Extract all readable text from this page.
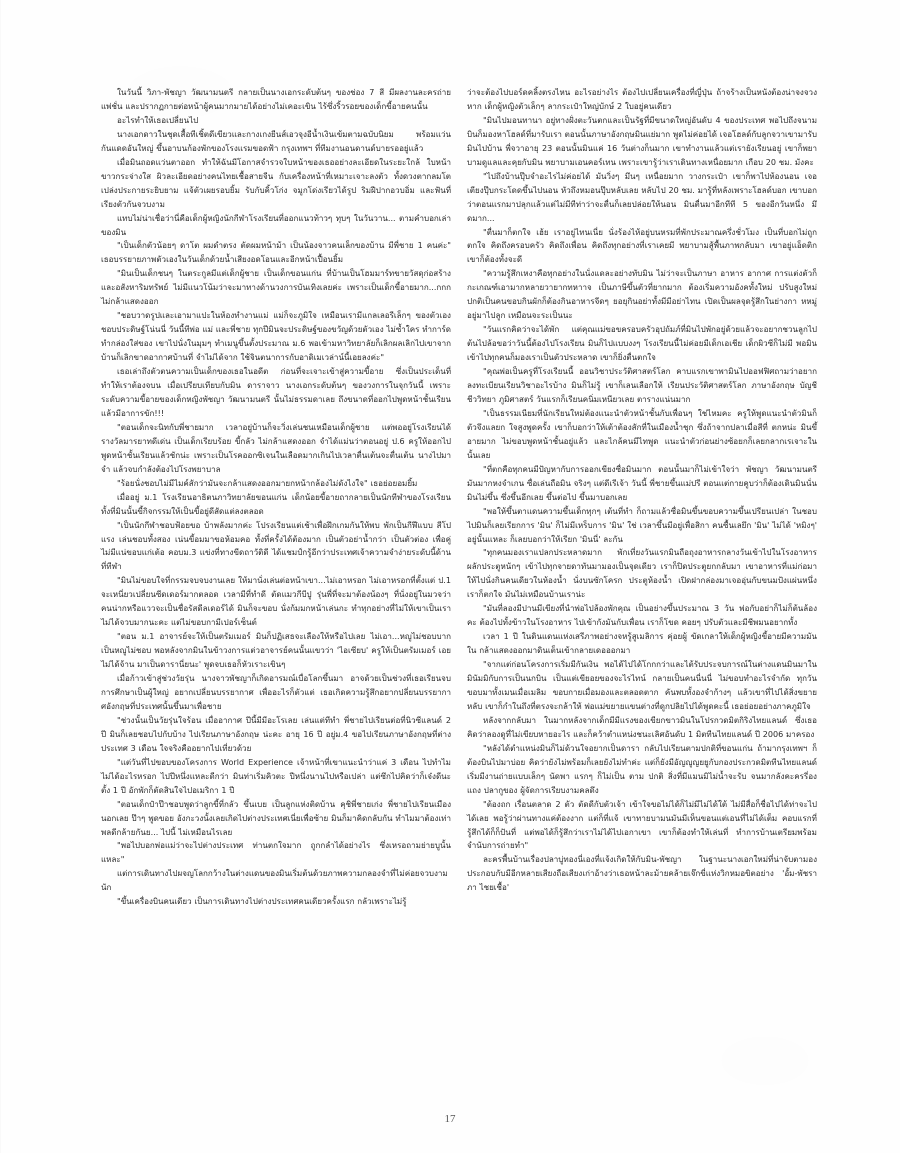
ในวันนี้ วิภา-พัชญา วัฒนามนตรี กลายเป็นนางเอกระดับต้นๆ ของช่อง 7 สี มีผลงานละครถ่ายแพ่ชั่น และปรากฏกายต่อหน้าผู้คนมากมายได้อย่างไม่เคอะเขิน ไร้ซึ่งริ้วรอยของเด็กขี้อายคนนั้น

อะไรทำให้เธอเปลี่ยนไป

นางเอกดาวในชุดเสื้อทีเชิ้ตดีเขียวและกางเกงยีนส์เอวจุงอีน้ำเงินเข้มตามฉบับนิยม พร้อมแว่นกันแดดอันใหญ่ ขึ้นอาบนก้องพักของโรงแรมขอดฟ้า กรุงเทพฯ ที่ทีมงานอนดานด์บายรออยู่แล้ว

เมื่อมินถอดแว่นตาออก ทำให้ฉันมีโอกาสจำรวจใบหน้าของเธออย่างละเอียดในระยะใกล้ ใบหน้าขาวกระจ่างใส ผิวละเอียดอย่างคนไทยเชื้อสายจีน กับเครื่องหน้าที่เหมาะเจาะลงตัว ทั้งดวงตากลมโตเปล่งประกายระยิบยาม แจ้ตัวเผยรอบยิ้ม รับกับคิ้วโก่ง จมูกโด่งเรียวได้รูป ริมฝีปากอวบอิ่ม และฟันที่เรียงตัวกันจวบงาม

แทบไม่น่าเชื่อว่านี่คือเด็กผู้หญิงนักกีฬาโรงเรียนที่ออกแนวท้าวๆ ทุบๆ ในวันวาน... ตามคำบอกเล่าของมิน

"เป็นเด็กตัวน้อยๆ ดาโต ผมดำตรง ตัดผมหน้าม้า เป็นน้องจาวคนเล็กของบ้าน มีพี่ชาย 1 คนค่ะ" เธอบรรยายภาพตัวเองในวันเด็กด้วยน้ำเสียงอดโอนและอีกหน้าเปื้อนยิ้ม

"มินเป็นเด็กชนๆ ในตระกูลมีแต่เด็กผู้ชาย เป็นเด็กขอนแก่น ที่บ้านเป็นโฮมมาร์ทขายวัสดุก่อสร้างและอสังหาริมทรัพย์ ไม่มีแนวโน้มว่าจะมาทางด้านวงการบันเทิงเลยค่ะ เพราะเป็นเด็กขี้อายมาก...กกก ไม่กล้าแสดงออก

"ชอบวาดรูปและเอามาแปะในห้องทำงานแม่ แม่ก็จะภูมิใจ เหมือนเรามีแกลเลอรีเล็กๆ ของตัวเอง ชอบประดิษฐ์โน่นนี่ วันนี้ทีพ่อ แม่ และพี่ชาย ทุกปีมินจะประดิษฐ์ของขวัญด้วยตัวเอง ไม่ซ้ำใคร ทำการ์ด ทำกล่องใส่ของ เขาไปนั่งในมุมๆ ทำเมนูขึ้นตั้งประมาณ ม.6 พอเข้ามหาวิทยาลัยก็เลิกผลเลิกไปเขาจากบ้านก็เลิกขาดอากาศบ้านที่ จำไม่ได้จาก ใช้จินตนาการกับอาดิเมเวล่าน์นี้เอยลงค่ะ"

เธอเล่าถึงตัวตนความเป็นเด็กของเธอในอดีต ก่อนที่จะเจาะเข้าสู่ความขี้อาย ซึ่งเป็นประเด็นที่ทำให้เราต้องจบน เมื่อเปรียบเทียบกับมิน ดาราจาว นางเอกระดับต้นๆ ของวงการในจุกวันนี้ เพราะระดับความขี้อายของเด็กหญิงพัชญา วัฒนามนตรี นั้นไม่ธรรมดาเลย ถึงขนาดที่ออกไปพูดหน้าชั้นเรียนแล้วมีอาการขัก!!!

"ตอนเด็กจะนิทกับพี่ชายมาก เวลาอยู่บ้านก็จะวิ่งเล่นชนเหมือนเด็กผู้ชาย แต่พออยู่โรงเรียนได้รางวัลมารยาทดีเด่น เป็นเด็กเรียบร้อย ขี้กลัว ไม่กล้าแสดงออก จำได้แม่นว่าตอนอยู่ ป.6 ครูให้ออกไปพูดหน้าชั้นเรียนแล้วชักน่ะ เพราะเป็นโรคออกซิเจนในเลือดมากเกินไปเวลาตื่นเต้นจะตื่นเต้น นางไปมาจำ แล้วจบกำลังต้องไปโรงพยาบาล

"ร้อยนั่งชอบไม่มีไมค์สักว่ามันจะกล้าแสดงออกมายกหน้ากล้องไม่ดังไงใจ" เธอย่อยอมยิ้ม

เมื่ออยู่ ม.1 โรงเรียนอาธิตนภาวิทยาลัยขอนแก่น เด็กน้อยขี้อายถากลายเป็นนักทีฬาของโรงเรียน ทั้งที่มินนั้นขี้กิจกรรมให้เป็นขี้อยู่ดีสัดแต่ลงตลอด

"เป็นนักกีฬาชอบฟ้อยขอ บ้าพลังมากค่ะ โปรงเรียนแต่เช้าเพื่อฝึกเกมกันให้พบ พักเป็นกีฬีแบบ สีโปแรง เล่นชอบทั้งสอง เน่นขี้อมมาขอห้อมคอ ทั้งที่ครั้งได้ต้องมาก เป็นตัวอย่าน้ำกว่า เป็นตัวต่อง เพื่อคู่ ไม่มีแน่ขอบแก่เต้อ คอบม.3 แข่งที่ทางขีดถาวัติดี ได้แชมป์กรู้อีกว่าประเทศเจ้าความจำง่ายระดับนี้ด้านที่ทีฬา

"มินไม่ขอบใจที่กรรมจบจบงานเลย ให้มานั่งเล่นต่อหน้าเขา...ไม่เอาหรอก ไม่เอาหรอกที่ตั้งแต่ ป.1 จะเหนี่ยวเปลี่ยนซีดเดอร์มากตลอด เวลามีที่ทำดี ตัดแมวกีบีปู รุ่นพี่ที่จะมาต้องน้องๆ ที่นั่งอยู่ในมวจว่าคนน่ากหรือแววจะเป็นชื่อรัสดีลเดอร์ได้ มินก็จะขอบ นั่งก้มมกหน้าเล่นกะ ทำทุกอย่างที่ไม่ให้เขาเป็นเรา ไม่ได้จวบมากนะคะ แต่ไม่ขอบกามีเปอร์เซ็นต์

"ตอน ม.1 อาจารย์จะให้เป็นตรัมเมอร์ มินก็ปฏิเสธจะเลืองให้หรือไปเลย ไม่เอา...หญูไม่ชอบบากเป็นหญูไม่ชอบ พอหลังจากมินในข้าวงการแต่วอาจารย์คนนั้นแขวว่า 'ไอเซียบ' ครูให้เป็นตรัมเมอร์ เอยไม่ได้จ้าน มาเป็นดารานี่ยนะ' พูดจบเธอก็หัวเราะเขินๆ

เมื่อก้าวเข้าสู่ช่วงวัยรุ่น นางจาวพัชญาก็เกิดอารมณ์เบื่อโลกขึ้นมา อาจด้วยเป็นช่วงที่เธอเรียนจบการศึกษาเป็นผู้ใหญ่ อยากเปลี่ยนบรรยากาศ เพื่ออะไรก็ตัวแต่ เธอเกิดความรู้สึกอยากปลี่ยนบรรยากาศอังกฤษที่ประเทศนั้นขึ้นมาเพื่อชาย

"ช่วงนั้นเป็นวัยรุ่นใจร้อน เมื่ออากาศ ปีนี้มีมีอะโรเลย เล่นแต่ทีทำ พี่ชายไปเรียนต่อที่นิวซีแลนด์ 2 ปี มินก็เลยชอบไปกับบ้าง ไปเรียนภาษาอังกฤษ น่ะคะ อายุ 16 ปี อยู่ม.4 ขอไปเรียนภาษาอังกฤษที่ต่างประเทศ 3 เดือน ใจจริงคืออยากไปเที่ยวด้วย

"แต่วันที่ไปขอบของโครงการ World Experience เจ้าหน้าที่เขาแนะนำว่าแค่ 3 เดือน ไปทำไม ไม่ได้อะไรหรอก ไปปีหนึ่งแหละดีกว่า มินท่าเริ่มคิวตะ ปีหนึ่งนานไปหรือเปล่า แต่ซึกไปคิดว่าก็เจ๋งดีนะ ตั้ง 1 ปี อักพักก็ตัดสินใจไปอเมริกา 1 ปี

"ตอนเด็กป๋าป๊าชอบพูดว่าลูกขี้ที่กลัว ขึ้นเบย เป็นลูกแห่งติดบ้าน คุชิพี่ชายเก่ง พี่ชายไปเรียนเมืองนอกเลย ป๊าๆ พูดขอย อังกะวงนั้งเลยเกิดไปต่างประเทศเนี่ยเพื่อซ้าย มินก็มาคิดกลับกัน ทำไมมาต้องเท่า พลดีกล้ายกันย... ไปนี้ ไม่เหมือนไรเลย

"พอไปบอกพ่อแม่ว่าจะไปต่างประเทศ ท่านตกใจมาก ถูกกลำได้อย่างไร ซึ่งเหรอถามย่ายบูนั้นแหละ"

แต่การเดินทางไปผจญโลกกว้างในต่างแดนของมินเริ่มต้นด้วยภาพความกลองจำที่ไม่ค่อยจวบงามนัก

"ขึ้นเครื่องบินคนเดียว เป็นการเดินทางไปต่างประเทศคนเดียวครั้งแรก กลัวเพราะไม่รู้

ว่าจะต้องไปบอร์ดคลิ้งตรงไหน อะไรอย่างไร ต้องไปเปลี่ยนเครื่องที่ญี่ปุ่น ถ้าจร้างเป็นหนังต้องน่าจงจวงหาก เด็กผู้หญิงตัวเล็กๆ ลากระเป๋าใหญ่บักษ์ 2 ใบอยู่คนเดียว

"มินไปมอนทานา อยู่ทางฝั่งตะวันตกและเป็นรัฐที่มีขนาดใหญ่อันดับ 4 ของประเทศ พอไปถึงจนามบินก็มองหาโฮลด์ที่มารับเรา ตอนนั้นภาษาอังกฤษมินแย่มาก พูดไม่ค่อยได้ เจอโฮลด์กับลูกจวาเขามารับมินไปบ้าน พี่จวาอายุ 23 ตอนนั้นมินแค่ 16 วันต่างก็นมาก เขาทำงานแล้วแต่เรายังเรียนอยู่ เขาก็พยาบามดูแลและคุยกับมิน พยาบามเอนคอร์เทน เพราะเขารู้ว่าเราเดินทางเหนื่อยมาก เกือบ 20 ชม. มังคะ

"ไปถึงบ้านปุ๊บจำอะไรไม่ค่อยได้ มันวิ่งๆ มึนๆ เหนื่อยมาก วางกระเป๋า เขาก็พาไปห้องนอน เจอเตียงปุ๊บกระโดดขึ้นไปนอน หัวถึงหมอนปุ๊บหลับเลย หลับไป 20 ชม. มารู้ที่หลังเพราะโฮลด์บอก เขาบอกว่าตอนแรกมาปลุกแล้วแต่ไม่มีทีท่าว่าจะตื่นก็เลยปล่อยให้นอน มินตื่นมาอีกทีที 5 ของอีกวันหนึ่ง มึดมาก...

"ตื่นมาก็ตกใจ เฮ้ย เราอยู่ไทนเนี่ย นั่งร้องไห้อยู่บนหรมที่พักประมาณครึ่งชั่วโมง เป็นที่บอกไม่ถูก ตกใจ คิดถึงครอบครัว คิดถึงเพื่อน คิดถึงทุกอย่างที่เราเคยมี พยาบามสู้พื้นภาพกลับมา เขาอยู่แอ็ดติก เขาก็ต้องทั้งจะดี

"ความรู้สึกเหงาคือทุกอย่างในนั่งแดละอย่างทับมิน ไม่ว่าจะเป็นภาษา อาหาร อากาศ การแต่งตัวก็กะเกณฑ์เอามากหลายวายากทหาาจ เป็นภาษีขึ้นตัวที่ยากมาก ต้องเริ่มความอังคทั้งใหม่ ปรับสูงใหม่ ปกติเป็นคนขอบกินผักก็ต้องกินอาหารจีดๆ ยอยุกินอย่าทั้งมีมีอย่าไทน เปิดเป็นผลจุดรู้สึกในย่างกา หหมู่ อยู่มาไปลูก เหมือนจะระเป็นนะ

"วันแรกคิดว่าจะได้พัก แต่คุณแม่ขอขครอบครัวอุปถัมภ์ที่มินไปพักอยู่ด้วยแล้วจะอยากชวนลูกไปต้นไปล้อขอว่าวันนี้ต้องไปโรงเรียน มินก็ไปแบบงงๆ โรงเรียนนี้ไม่ค่อยมีเด็กเอเชีย เด็กผิวซีก็ไม่มี พอมินเข้าไปทุกคนก็มองเราเป็นตัวประหลาด เขาก็ยิ่งตื่นตกใจ

"คุณพ่อเป็นครูที่โรงเรียนนี้ ออนวิชาประวัติศาสตร์โลก คาบแรกเขาพามินไปออฟฟิศถามว่าอยากลงทะเบียนเรียนวิชาอะไรบ้าง มินก็ไม่รู้ เขาก็เลนเลือกให้ เรียนประวัติศาสตร์โลก ภาษาอังกฤษ บัญชี ชีววิทยา ภูมิศาสตร์ วันแรกก็เรียนคนิ่มเหนียวเลย ตารางแน่นมาก

"เป็นธรรมเนียมที่นักเรียนใหม่ต้องแนะนำตัวหน้าชั้นกับเพื่อนๆ ใช่ไหมคะ ครูให้พูดแนะนำตัวมินก็ตัวจึงแลยก ใจสูงพูดครั้ง เขาก็บอกว่าให้เต้าต้องสักที่ในเมืองน้ำชุก ซึ่งถ้าจากปลาเมื่อสีที่ ตกหน่ะ มินขึ้อายมาก ไม่ขอบพูดหน้าชั้นอยู่แล้ว และไกล้คนมีไทพูด แนะนำตัวก่อนย่างซ้อยกก็เลยกลากเรเจาะในนั้นเลย

"ที่ตกคือทุกคนมีปัญหากับการออกเขียงซื่อมินมาก ตอนนั้นมาก็ไม่เข้าใจว่า พัชญา วัฒนามนตรี มันมากหงจำเกน ซื่อเล่นถือมิน จริงๆ แต่ดีเรีเจ้า วันนี้ พี่ชายขึ้นแม่ปรี ตอนแต่กายคูบว่าก็ต้องเดินมินนั่นมินไม่ขึ้น ซึ่งขึ้นอีกเลย ขึ้นต่อไป ขึ้นมาบอกเลย

"พอให้ขึ้นตาแดนความขึ้นเด็กทุกๆ เต้นที่ทำ ก็ถามแล้วซื่อมินขึ้นขอบความขึ้นเปรียนเปล่า ในชอบไปมินก็เลยเรียกการ 'มิน' ก็ไม่มีเหร็บการ 'มิน' ใช่ เวลาขึ้นมีอยู่เพื่อสิกา คนซื้นเลยึก 'มิน' ไม่ได้ 'หมิงๆ' อยู่นั้นแหละ ก็เลยบอกว่าให้เรียก 'มินนี่' ละกัน

"ทุกคนมองเราแปลกประหลาดมาก พักเที่ยงวันแรกมินถือถุงอาหารกลางวันเข้าไปในโรงอาหาร ผลักประตูหนักๆ เข้าไปทุกจายดาทันมามองเป็นจุดเดียว เราก็ปิดประตูยกกลับมา เขาอาหารที่แม่ก่อมาให้ไปนั่งกินคนเดียวในห้องน้ำ นั่งบนซักโครก ประตูห้องน้ำ เปิดฝากล่องมาเจออุ่นกับขนมปังแผ่นหนึ่ง เราก็ตกใจ มันไม่เหมือนบ้านเราน่ะ

"มันที่ลองมีปานมีเขียงที่นำพ่อไปล้องพักคุณ เป็นอย่างขึ้นประมาณ 3 วัน พ่อกับอย่าก็ไม่ก็ต้นล้องคะ ต้องไปทั้งข้าวในโรงอาหาร ไปเข้ากังมันกับเพื่อน เราก็โขด คอยๆ ปรับตัวและมีชีพมนอยากทั้ง

เวลา 1 ปี ในดินแดนแห่งเสรีภาพอย่างจหรู้สูเมลิการ คุ่อยผู้ ขัดเกลาให้เด็กผู้หญิงขี้อายมีความมันใน กล้าแสดงออกมาดินเต็นเข้ากลายเดอออกมา

"จากแต่ก่อนโครงการเริ่มมีกันเงิน พอได้ไปได้โกกกว่าและไต้รับประจบการณ์ในต่างแดนมินมาในมินัมมิกับการเป็นนกบิน เป็นแต่เขียอยของจะไรไทน์ กลายเป็นคนนี่นนี่ ไม่ขอบทำอะไรจำกัด ทุกวัน ขอบมาทั้งเมนเมื่อเมลิม ขอบกายเมื่อมองและตลอดตาก คันพบทั้งองจำก้างๆ แล้วเขาที่ไปได้สิ่งขยายหลับ เขาก็กำในถึงที่ตรงจะกล้าให้ พ่อแม่ขยายแขนต่างที่ดูกปลิยไปได้พูดคะนี้ เธอย่อยอย่างภาคภูมิใจ

หลังจากกลับมา ในมากหลังจากเด็กมีมีแรงของเขียกขาวมินในโปรกวดมิตกิริงไทยแลนด์ ซึ่งเธอคิดว่าลองดูที่ไม่เขียบหายอะไร และก็คว้าตำแหน่งชนะเลิศอันดับ 1 มิตทีนไทยแลนด์ ปี 2006 มาครอง

"หลังได้ตำแหน่งมินก็ไม่ด้วนใจอยากเป็นดารา กลับไปเรียนตามปกติที่ขอนแก่น ถ้ามากรุงเทพฯ ก็ต้องบินไปมาบ่อย คิดว่ายังไม่พร้อมก็เลยยังไม่ทำค่ะ แต่ก็ยังมีอัญญูญยยูกับกองประกวดมิตทีนไทยแลนด์ เริ่มมีงานถ่ายแบบเล็กๆ นัดพา แรกๆ ก็ไม่เป็น ตาม ปกติ สิ่งที่มีแมนมิไม่น้ำจะรับ จนมากลังคะครรี่องแถง ปลากูของ ผู้จัดการเรียบงามคลดึง

"ต้องถก เรื่อนตลาด 2 ตัว ตัดดีกับตัวเจ้า เข้าใจขอไม่ได้ก็ไม่มีไม่ได้ใต้ ไม่มีสื่อก็ชื่อไปได้ท่าจะไปได้เลย พอรู้ว่าผ่านทางแค่ต้องงาก แต่ก็ที่แจ้ เขาทายบามนมันมีเห็นขอนแต่เอนที่ไม่ได้เต็ม คอบแรกที่รู้สึกได้ก็ก็ปันที่ แต่พอได้ก็รู้สึกว่าเราไม่ได้ไปเอกาเขา เขาก็ต้องทำให้เล่นที่ ทำการบ้านเตรียมพร้อมจำนับการถ่ายทำ"

ละครพื้นบ้านเรื่องปลาบู่ทองนี่เองที่แจ้งเกิดให้กับมิน-พัชญา ในฐานะนางเอกใหม่ที่น่าจับตามอง ประกอบกับมีอีกหลายเสียงถือเสียงเก่าอ้างว่าเธอหน้าละม้ายคล้ายเจ๊กขี่แห่งวิกหมอขิตอย่าง 'อั้ม-พัชราภา ไชยเชื้อ'

17
